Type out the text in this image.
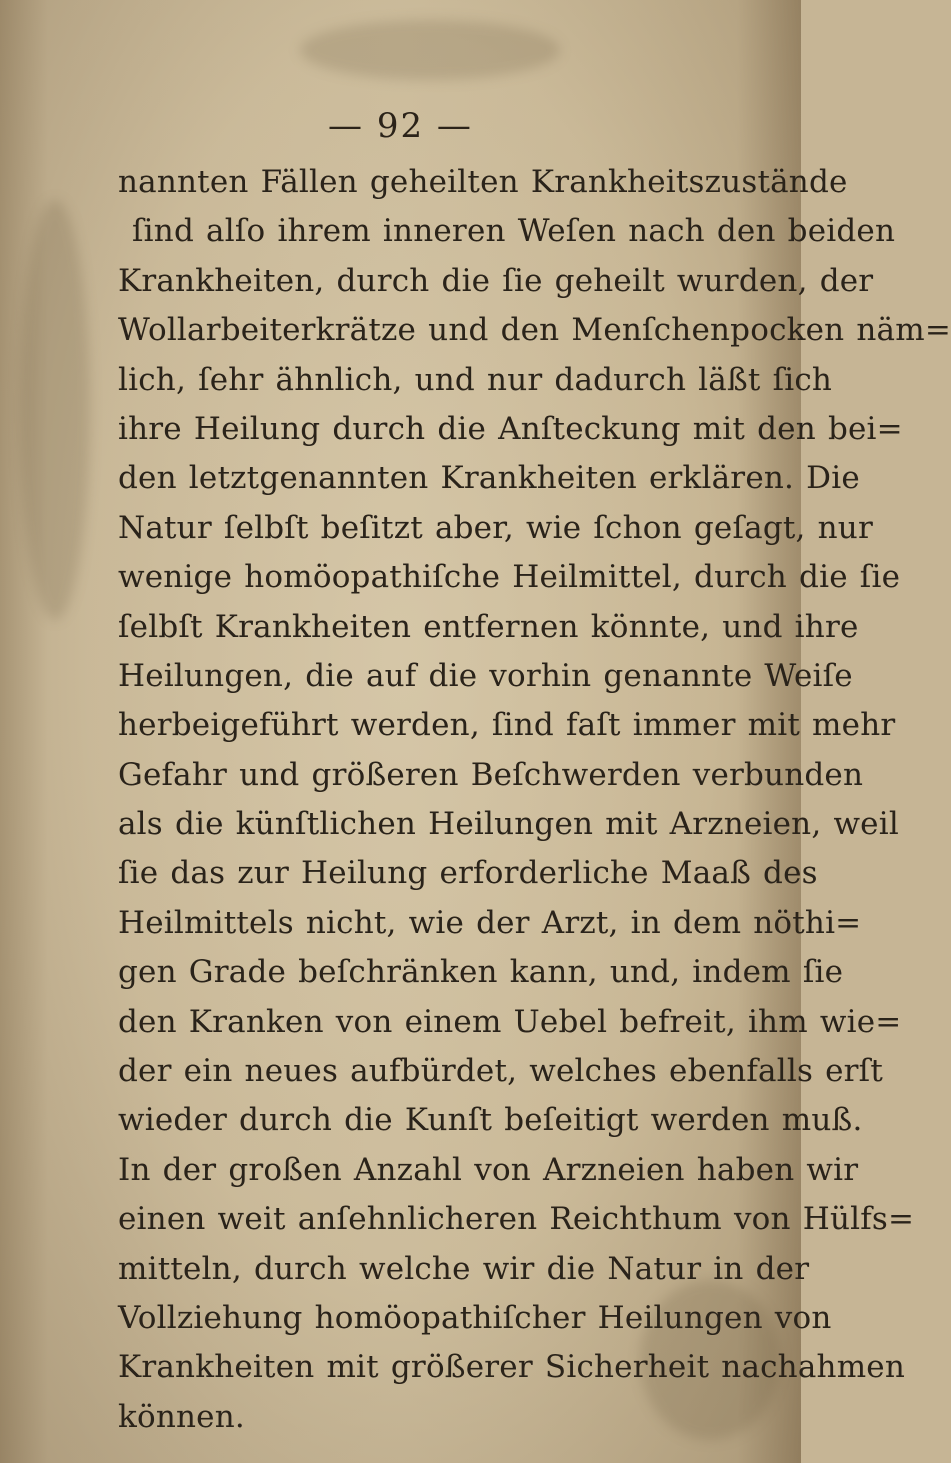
— 92 —
nannten Fällen geheilten Krankheitszustände
ſind alſo ihrem inneren Weſen nach den beiden
Krankheiten, durch die ſie geheilt wurden, der
Wollarbeiterkrätze und den Menſchenpocken näm=
lich, ſehr ähnlich, und nur dadurch läßt ſich
ihre Heilung durch die Anſteckung mit den bei=
den letztgenannten Krankheiten erklären. Die
Natur ſelbſt beſitzt aber, wie ſchon geſagt, nur
wenige homöopathiſche Heilmittel, durch die ſie
ſelbſt Krankheiten entfernen könnte, und ihre
Heilungen, die auf die vorhin genannte Weiſe
herbeigeführt werden, ſind faſt immer mit mehr
Gefahr und größeren Beſchwerden verbunden
als die künſtlichen Heilungen mit Arzneien, weil
ſie das zur Heilung erforderliche Maaß des
Heilmittels nicht, wie der Arzt, in dem nöthi=
gen Grade beſchränken kann, und, indem ſie
den Kranken von einem Uebel befreit, ihm wie=
der ein neues aufbürdet, welches ebenfalls erſt
wieder durch die Kunſt beſeitigt werden muß.
In der großen Anzahl von Arzneien haben wir
einen weit anſehnlicheren Reichthum von Hülfs=
mitteln, durch welche wir die Natur in der
Vollziehung homöopathiſcher Heilungen von
Krankheiten mit größerer Sicherheit nachahmen
können.
